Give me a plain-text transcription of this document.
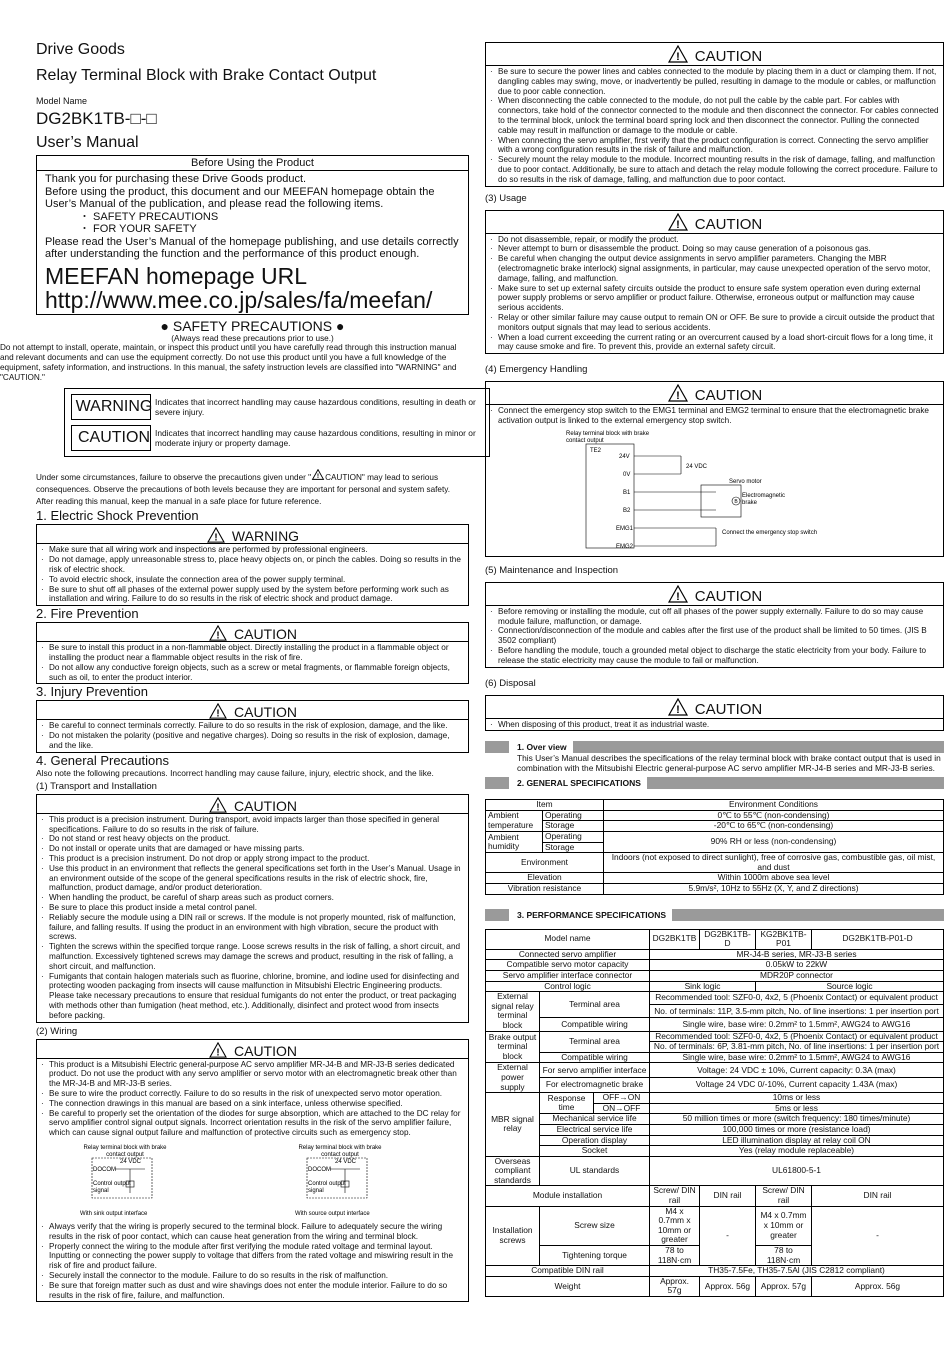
Drive Goods

Relay Terminal Block with Brake Contact Output

Model Name
DG2BK1TB-□-□
User’s Manual
Before Using the Product
Thank you for purchasing these Drive Goods product.
Before using the product, this document and our MEEFAN homepage obtain the User’s Manual of the publication, and please read the following items.
・ SAFETY PRECAUTIONS
・ FOR YOUR SAFETY
Please read the User’s Manual of the homepage publishing, and use details correctly after understanding the function and the performance of this product enough.
MEEFAN homepage URL
http://www.mee.co.jp/sales/fa/meefan/
● SAFETY PRECAUTIONS ●
(Always read these precautions prior to use.)
Do not attempt to install, operate, maintain, or inspect this product until you have carefully read through this instruction manual and relevant documents and can use the equipment correctly. Do not use this product until you have a full knowledge of the equipment, safety information, and instructions. In this manual, the safety instruction levels are classified into "WARNING" and "CAUTION."
WARNING Indicates that incorrect handling may cause hazardous conditions, resulting in death or severe injury.
CAUTION Indicates that incorrect handling may cause hazardous conditions, resulting in minor or moderate injury or property damage.
Under some circumstances, failure to observe the precautions given under " ! CAUTION" may lead to serious consequences. Observe the precautions of both levels because they are important for personal and system safety.
After reading this manual, keep the manual in a safe place for future reference.
1. Electric Shock Prevention
! WARNING
· Make sure that all wiring work and inspections are performed by professional engineers.
· Do not damage, apply unreasonable stress to, place heavy objects on, or pinch the cables. Doing so results in the risk of electric shock.
· To avoid electric shock, insulate the connection area of the power supply terminal.
· Be sure to shut off all phases of the external power supply used by the system before performing work such as installation and wiring. Failure to do so results in the risk of electric shock and product damage.
2. Fire Prevention
! CAUTION
· Be sure to install this product in a non-flammable object. Directly installing the product in a flammable object or installing the product near a flammable object results in the risk of fire.
· Do not allow any conductive foreign objects, such as a screw or metal fragments, or flammable foreign objects, such as oil, to enter the product interior.
3. Injury Prevention
! CAUTION
· Be careful to connect terminals correctly. Failure to do so results in the risk of explosion, damage, and the like.
· Do not mistaken the polarity (positive and negative charges). Doing so results in the risk of explosion, damage, and the like.
4. General Precautions
Also note the following precautions. Incorrect handling may cause failure, injury, electric shock, and the like.
(1) Transport and Installation
! CAUTION
· This product is a precision instrument. During transport, avoid impacts larger than those specified in general specifications. Failure to do so results in the risk of failure.
· Do not stand or rest heavy objects on the product.
· Do not install or operate units that are damaged or have missing parts.
· This product is a precision instrument. Do not drop or apply strong impact to the product.
· Use this product in an environment that reflects the general specifications set forth in the User’s Manual. Usage in an environment outside of the scope of the general specifications results in the risk of electric shock, fire, malfunction, product damage, and/or product deterioration.
· When handling the product, be careful of sharp areas such as product corners.
· Be sure to place this product inside a metal control panel.
· Reliably secure the module using a DIN rail or screws. If the module is not properly mounted, risk of malfunction, failure, and falling results. If using the product in an environment with high vibration, secure the product with screws.
· Tighten the screws within the specified torque range. Loose screws results in the risk of falling, a short circuit, and malfunction. Excessively tightened screws may damage the screws and product, resulting in the risk of falling, a short circuit, and malfunction.
· Fumigants that contain halogen materials such as fluorine, chlorine, bromine, and iodine used for disinfecting and protecting wooden packaging from insects will cause malfunction in Mitsubishi Electric Engineering products. Please take necessary precautions to ensure that residual fumigants do not enter the product, or treat packaging with methods other than fumigation (heat method, etc.). Additionally, disinfect and protect wood from insects before packing.
(2) Wiring
! CAUTION
· This product is a Mitsubishi Electric general-purpose AC servo amplifier MR-J4-B and MR-J3-B series dedicated product. Do not use the product with any servo amplifier or servo motor with an electromagnetic break other than the MR-J4-B and MR-J3-B series.
· Be sure to wire the product correctly. Failure to do so results in the risk of unexpected servo motor operation.
· The connection drawings in this manual are based on a sink interface, unless otherwise specified.
· Be careful to properly set the orientation of the diodes for surge absorption, which are attached to the DC relay for servo amplifier control signal output signals. Incorrect orientation results in the risk of the servo amplifier failure, which can cause signal output failure and malfunction of protective circuits such as emergency stop.
Relay terminal block with brake
contact output
24 VDC
DOCOM
Control output
signal
With sink output interface
Relay terminal block with brake
contact output
24 VDC
DOCOM
Control output
signal
With source output interface
· Always verify that the wiring is properly secured to the terminal block. Failure to adequately secure the wiring results in the risk of poor contact, which can cause heat generation from the wiring and terminal block.
· Properly connect the wiring to the module after first verifying the module rated voltage and terminal layout. Inputting or connecting the power supply to voltage that differs from the rated voltage and miswiring result in the risk of fire and product failure.
· Securely install the connector to the module. Failure to do so results in the risk of malfunction.
· Be sure that foreign matter such as dust and wire shavings does not enter the module interior. Failure to do so results in the risk of fire, failure, and malfunction.
! CAUTION
· Be sure to secure the power lines and cables connected to the module by placing them in a duct or clamping them. If not, dangling cables may swing, move, or inadvertently be pulled, resulting in damage to the module or cables, or malfunction due to poor cable connection.
· When disconnecting the cable connected to the module, do not pull the cable by the cable part. For cables with connectors, take hold of the connector connected to the module and then disconnect the connector. For cables connected to the terminal block, unlock the terminal board spring lock and then disconnect the connector. Pulling the connected cable may result in malfunction or damage to the module or cable.
· When connecting the servo amplifier, first verify that the product configuration is correct. Connecting the servo amplifier with a wrong configuration results in the risk of failure and malfunction.
· Securely mount the relay module to the module. Incorrect mounting results in the risk of damage, falling, and malfunction due to poor contact. Additionally, be sure to attach and detach the relay module following the correct procedure. Failure to do so results in the risk of damage, falling, and malfunction due to poor contact.
(3) Usage
! CAUTION
· Do not disassemble, repair, or modify the product.
· Never attempt to burn or disassemble the product. Doing so may cause generation of a poisonous gas.
· Be careful when changing the output device assignments in servo amplifier parameters. Changing the MBR (electromagnetic brake interlock) signal assignments, in particular, may cause unexpected operation of the servo motor, damage, falling, and malfunction.
· Make sure to set up external safety circuits outside the product to ensure safe system operation even during external power supply problems or servo amplifier or product failure. Otherwise, erroneous output or malfunction may cause serious accidents.
· Relay or other similar failure may cause output to remain ON or OFF. Be sure to provide a circuit outside the product that monitors output signals that may lead to serious accidents.
· When a load current exceeding the current rating or an overcurrent caused by a load short-circuit flows for a long time, it may cause smoke and fire. To prevent this, provide an external safety circuit.
(4) Emergency Handling
! CAUTION
· Connect the emergency stop switch to the EMG1 terminal and EMG2 terminal to ensure that the electromagnetic brake activation output is linked to the external emergency stop switch.
Relay terminal block with brake
contact output
TE2
24V
0V
B1
B2
EMG1
EMG2
24 VDC
B
Servo motor
Electromagnetic
brake
Connect the emergency stop switch
(5) Maintenance and Inspection
! CAUTION
· Before removing or installing the module, cut off all phases of the power supply externally. Failure to do so may cause module failure, malfunction, or damage.
· Connection/disconnection of the module and cables after the first use of the product shall be limited to 50 times. (JIS B 3502 compliant)
· Before handling the module, touch a grounded metal object to discharge the static electricity from your body. Failure to release the static electricity may cause the module to fail or malfunction.
(6) Disposal
! CAUTION
· When disposing of this product, treat it as industrial waste.
1. Over view
This User’s Manual describes the specifications of the relay terminal block with brake contact output that is used in combination with the Mitsubishi Electric general-purpose AC servo amplifier MR-J4-B series and MR-J3-B series.
2. GENERAL SPECIFICATIONS
Item		Environment Conditions
Ambient temperature	Operating	0℃ to 55℃ (non-condensing)
	Storage	-20℃ to 65℃ (non-condensing)
Ambient humidity	Operating	90% RH or less (non-condensing)
	Storage	
Environment		Indoors (not exposed to direct sunlight), free of corrosive gas, combustible gas, oil mist, and dust
Elevation		Within 1000m above sea level
Vibration resistance		5.9m/s², 10Hz to 55Hz (X, Y, and Z directions)
3. PERFORMANCE SPECIFICATIONS
Model name			DG2BK1TB	DG2BK1TB-D	KG2BK1TB-P01	DG2BK1TB-P01-D
Connected servo amplifier			MR-J4-B series, MR-J3-B series			
Compatible servo motor capacity			0.05kW to 22kW			
Servo amplifier interface connector			MDR20P connector			
Control logic			Sink logic		Source logic	
External signal relay terminal block	Terminal area		Recommended tool: SZF0-0, 4x2, 5 (Phoenix Contact) or equivalent product			
			No. of terminals: 11P, 3.5-mm pitch, No. of line insertions: 1 per insertion port			
	Compatible wiring		Single wire, base wire: 0.2mm² to 1.5mm², AWG24 to AWG16			
Brake output terminal block	Terminal area		Recommended tool: SZF0-0, 4x2, 5 (Phoenix Contact) or equivalent product			
			No. of terminals: 6P, 3.81-mm pitch, No. of line insertions: 1 per insertion port			
	Compatible wiring		Single wire, base wire: 0.2mm² to 1.5mm², AWG24 to AWG16			
External power supply	For servo amplifier interface		Voltage: 24 VDC ± 10%, Current capacity: 0.3A (max)			
	For electromagnetic brake		Voltage 24 VDC 0/-10%, Current capacity 1.43A (max)			
MBR signal relay	Response time	OFF→ON	10ms or less			
		ON→OFF	5ms or less			
	Mechanical service life		50 million times or more (switch frequency: 180 times/minute)			
	Electrical service life		100,000 times or more (resistance load)			
	Operation display		LED illumination display at relay coil ON			
	Socket		Yes (relay module replaceable)			
Overseas compliant standards	UL standards		UL61800-5-1			
Module installation			Screw/ DIN rail	DIN rail	Screw/ DIN rail	DIN rail
Installation screws	Screw size		M4 x 0.7mm x 10mm or greater	-	M4 x 0.7mm x 10mm or greater	-
	Tightening torque		78 to 118N·cm		78 to 118N·cm	
Compatible DIN rail			TH35-7.5Fe, TH35-7.5Al (JIS C2812 compliant)			
Weight			Approx. 57g	Approx. 56g	Approx. 57g	Approx. 56g
